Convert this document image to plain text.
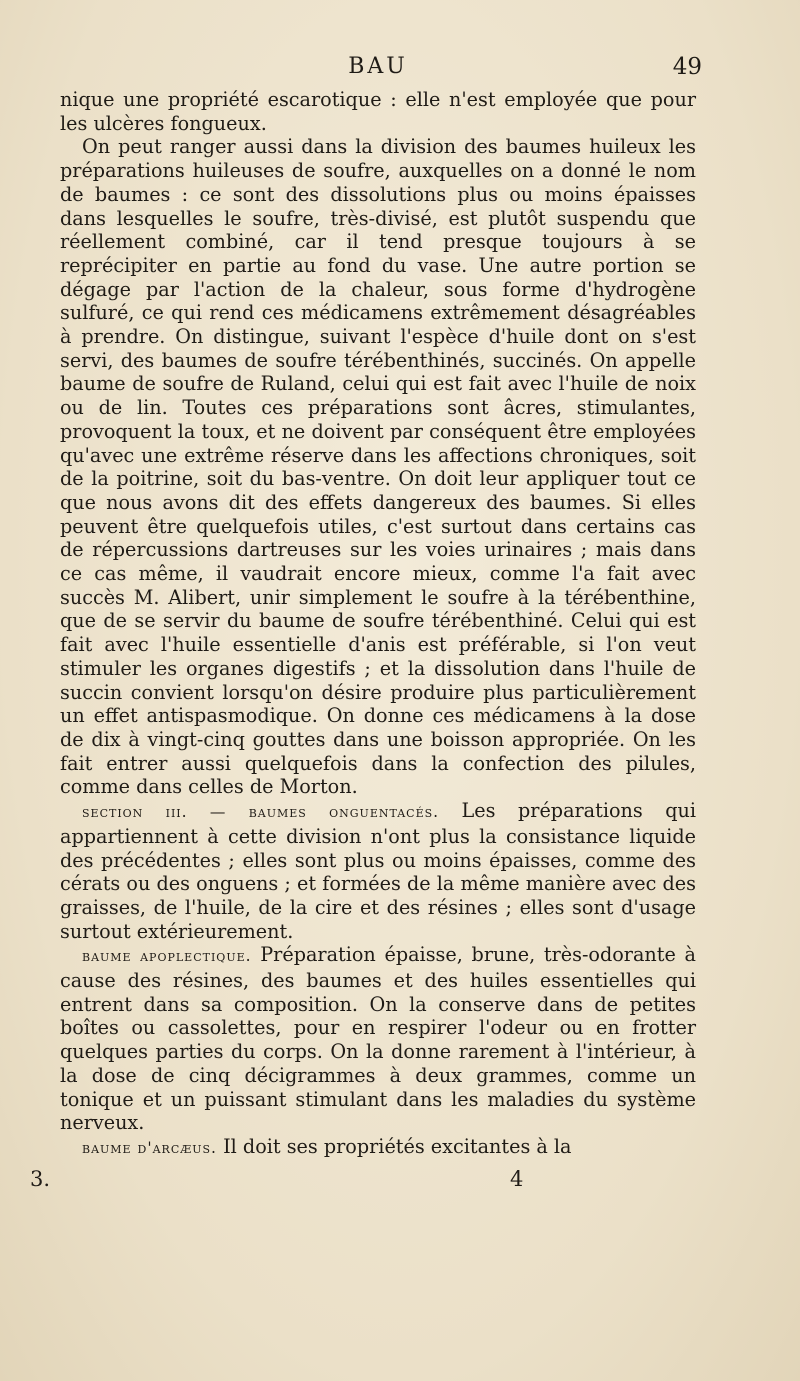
BAU	49

nique une propriété escarotique : elle n'est employée que pour les ulcères fongueux.

On peut ranger aussi dans la division des baumes huileux les préparations huileuses de soufre, auxquelles on a donné le nom de baumes : ce sont des dissolutions plus ou moins épaisses dans lesquelles le soufre, très-divisé, est plutôt suspendu que réellement combiné, car il tend presque toujours à se reprécipiter en partie au fond du vase. Une autre portion se dégage par l'action de la chaleur, sous forme d'hydrogène sulfuré, ce qui rend ces médicamens extrêmement désagréables à prendre. On distingue, suivant l'espèce d'huile dont on s'est servi, des baumes de soufre térébenthinés, succinés. On appelle baume de soufre de Ruland, celui qui est fait avec l'huile de noix ou de lin. Toutes ces préparations sont âcres, stimulantes, provoquent la toux, et ne doivent par conséquent être employées qu'avec une extrême réserve dans les affections chroniques, soit de la poitrine, soit du bas-ventre. On doit leur appliquer tout ce que nous avons dit des effets dangereux des baumes. Si elles peuvent être quelquefois utiles, c'est surtout dans certains cas de répercussions dartreuses sur les voies urinaires ; mais dans ce cas même, il vaudrait encore mieux, comme l'a fait avec succès M. Alibert, unir simplement le soufre à la térébenthine, que de se servir du baume de soufre térébenthiné. Celui qui est fait avec l'huile essentielle d'anis est préférable, si l'on veut stimuler les organes digestifs ; et la dissolution dans l'huile de succin convient lorsqu'on désire produire plus particulièrement un effet antispasmodique. On donne ces médicamens à la dose de dix à vingt-cinq gouttes dans une boisson appropriée. On les fait entrer aussi quelquefois dans la confection des pilules, comme dans celles de Morton.

section iii. — baumes onguentacés. Les préparations qui appartiennent à cette division n'ont plus la consistance liquide des précédentes ; elles sont plus ou moins épaisses, comme des cérats ou des onguens ; et formées de la même manière avec des graisses, de l'huile, de la cire et des résines ; elles sont d'usage surtout extérieurement.

baume apoplectique. Préparation épaisse, brune, très-odorante à cause des résines, des baumes et des huiles essentielles qui entrent dans sa composition. On la conserve dans de petites boîtes ou cassolettes, pour en respirer l'odeur ou en frotter quelques parties du corps. On la donne rarement à l'intérieur, à la dose de cinq décigrammes à deux grammes, comme un tonique et un puissant stimulant dans les maladies du système nerveux.

baume d'arcæus. Il doit ses propriétés excitantes à la

3.	4
